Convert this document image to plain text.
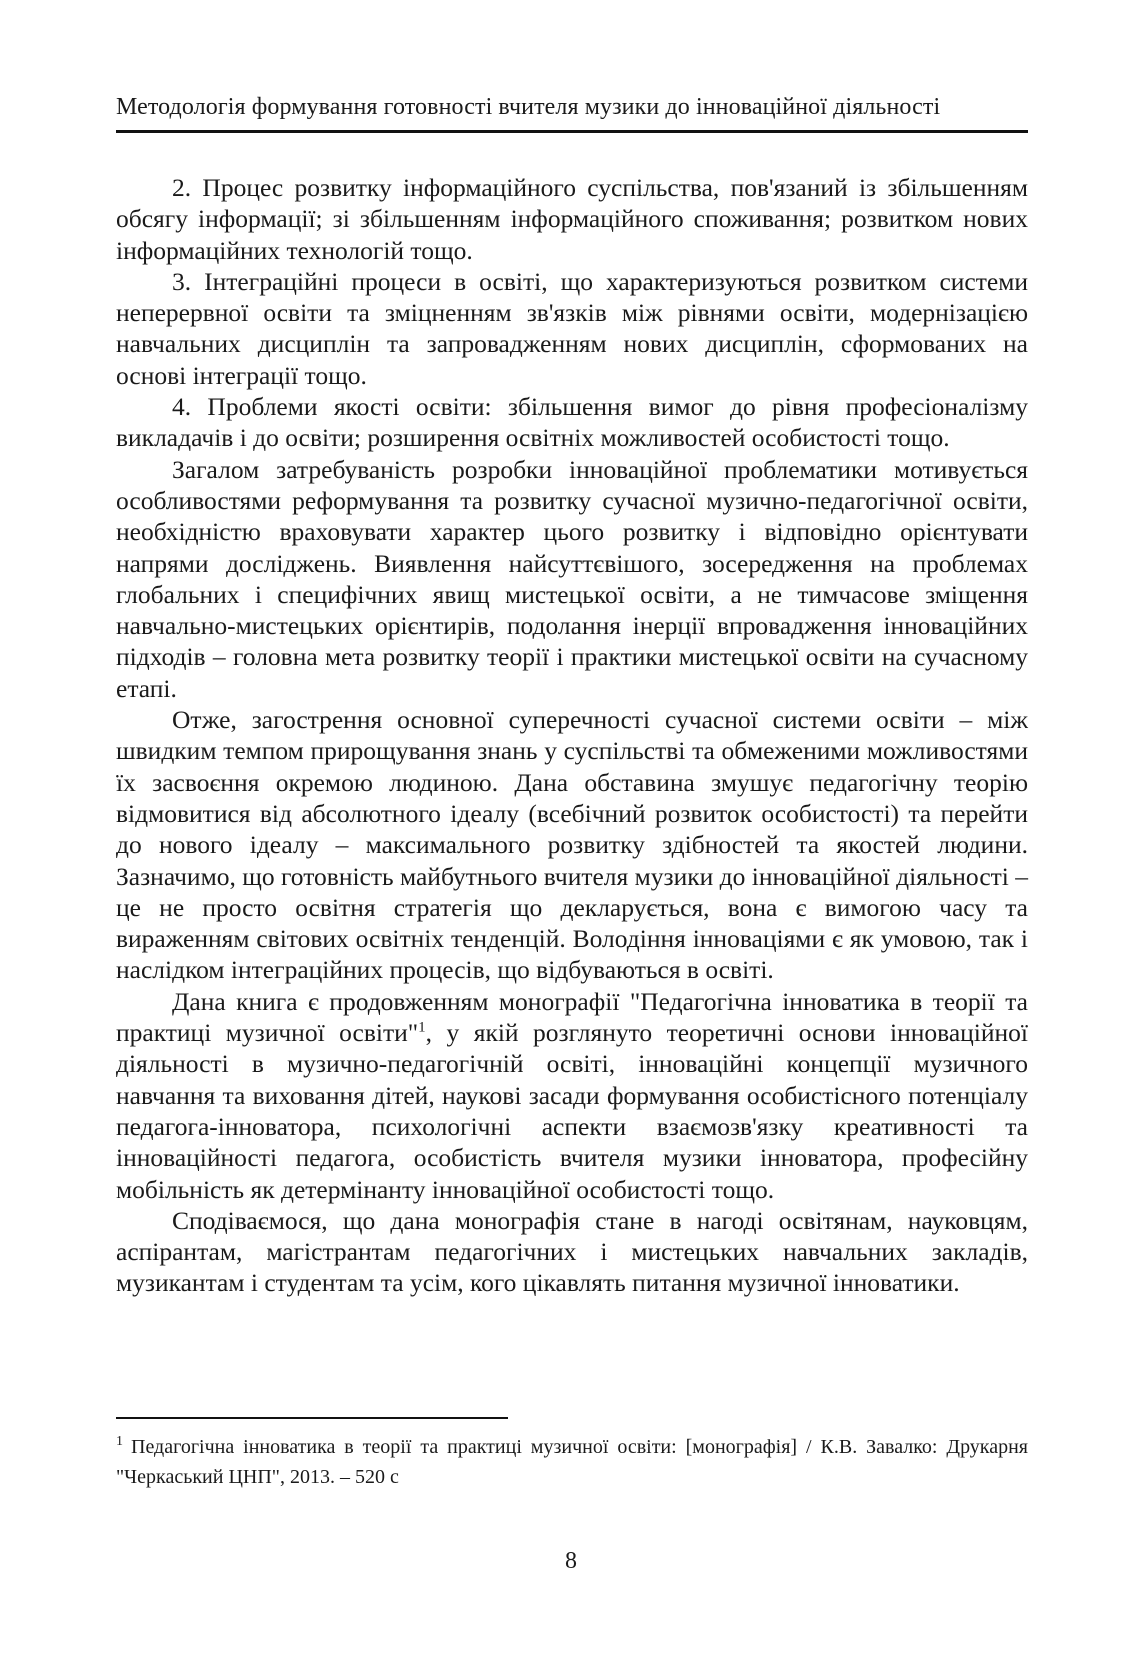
Методологія формування готовності вчителя музики до інноваційної діяльності

2. Процес розвитку інформаційного суспільства, пов'язаний із збільшенням обсягу інформації; зі збільшенням інформаційного споживання; розвитком нових інформаційних технологій тощо.

3. Інтеграційні процеси в освіті, що характеризуються розвитком системи неперервної освіти та зміцненням зв'язків між рівнями освіти, модернізацією навчальних дисциплін та запровадженням нових дисциплін, сформованих на основі інтеграції тощо.

4. Проблеми якості освіти: збільшення вимог до рівня професіоналізму викладачів і до освіти; розширення освітніх можливостей особистості тощо.

Загалом затребуваність розробки інноваційної проблематики мотивується особливостями реформування та розвитку сучасної музично-педагогічної освіти, необхідністю враховувати характер цього розвитку і відповідно орієнтувати напрями досліджень. Виявлення найсуттєвішого, зосередження на проблемах глобальних і специфічних явищ мистецької освіти, а не тимчасове зміщення навчально-мистецьких орієнтирів, подолання інерції впровадження інноваційних підходів – головна мета розвитку теорії і практики мистецької освіти на сучасному етапі.

Отже, загострення основної суперечності сучасної системи освіти – між швидким темпом прирощування знань у суспільстві та обмеженими можливостями їх засвоєння окремою людиною. Дана обставина змушує педагогічну теорію відмовитися від абсолютного ідеалу (всебічний розвиток особистості) та перейти до нового ідеалу – максимального розвитку здібностей та якостей людини. Зазначимо, що готовність майбутнього вчителя музики до інноваційної діяльності – це не просто освітня стратегія що декларується, вона є вимогою часу та вираженням світових освітніх тенденцій. Володіння інноваціями є як умовою, так і наслідком інтеграційних процесів, що відбуваються в освіті.

Дана книга є продовженням монографії "Педагогічна інноватика в теорії та практиці музичної освіти"$^1$, у якій розглянуто теоретичні основи інноваційної діяльності в музично-педагогічній освіті, інноваційні концепції музичного навчання та виховання дітей, наукові засади формування особистісного потенціалу педагога-інноватора, психологічні аспекти взаємозв'язку креативності та інноваційності педагога, особистість вчителя музики інноватора, професійну мобільність як детермінанту інноваційної особистості тощо.

Сподіваємося, що дана монографія стане в нагоді освітянам, науковцям, аспірантам, магістрантам педагогічних і мистецьких навчальних закладів, музикантам і студентам та усім, кого цікавлять питання музичної інноватики.

$^1$ Педагогічна інноватика в теорії та практиці музичної освіти: [монографія] / К.В. Завалко: Друкарня "Черкаський ЦНП", 2013. – 520 с
8
